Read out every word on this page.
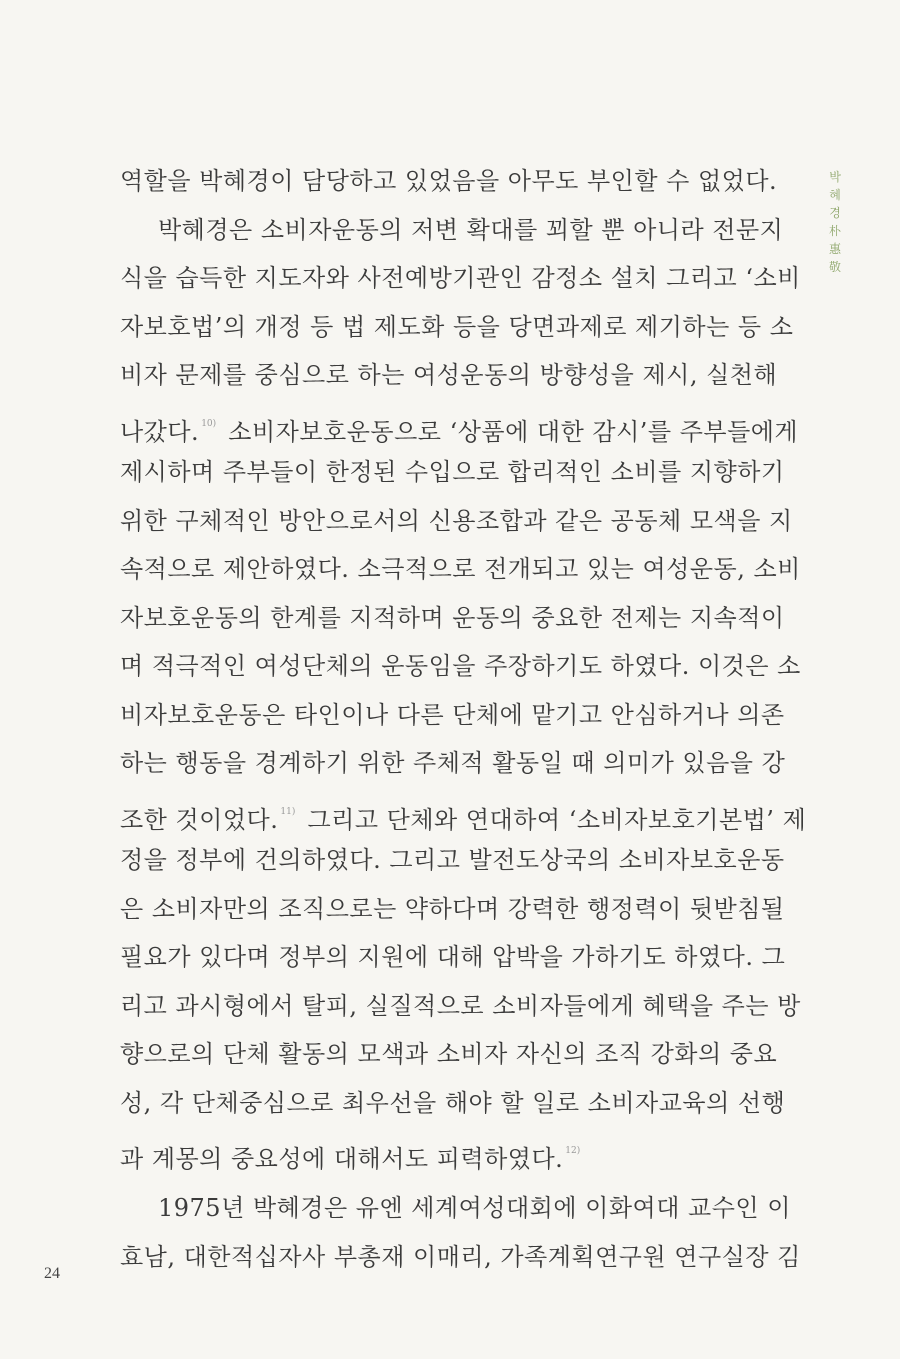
박
혜
경
朴
惠
敬
역할을 박혜경이 담당하고 있었음을 아무도 부인할 수 없었다.
박혜경은 소비자운동의 저변 확대를 꾀할 뿐 아니라 전문지
식을 습득한 지도자와 사전예방기관인 감정소 설치 그리고 ‘소비
자보호법’의 개정 등 법 제도화 등을 당면과제로 제기하는 등 소
비자 문제를 중심으로 하는 여성운동의 방향성을 제시, 실천해
나갔다. $^{10)}$ 소비자보호운동으로 ‘상품에 대한 감시’를 주부들에게
제시하며 주부들이 한정된 수입으로 합리적인 소비를 지향하기
위한 구체적인 방안으로서의 신용조합과 같은 공동체 모색을 지
속적으로 제안하였다. 소극적으로 전개되고 있는 여성운동, 소비
자보호운동의 한계를 지적하며 운동의 중요한 전제는 지속적이
며 적극적인 여성단체의 운동임을 주장하기도 하였다. 이것은 소
비자보호운동은 타인이나 다른 단체에 맡기고 안심하거나 의존
하는 행동을 경계하기 위한 주체적 활동일 때 의미가 있음을 강
조한 것이었다. $^{11)}$ 그리고 단체와 연대하여 ‘소비자보호기본법’ 제
정을 정부에 건의하였다. 그리고 발전도상국의 소비자보호운동
은 소비자만의 조직으로는 약하다며 강력한 행정력이 뒷받침될
필요가 있다며 정부의 지원에 대해 압박을 가하기도 하였다. 그
리고 과시형에서 탈피, 실질적으로 소비자들에게 혜택을 주는 방
향으로의 단체 활동의 모색과 소비자 자신의 조직 강화의 중요
성, 각 단체중심으로 최우선을 해야 할 일로 소비자교육의 선행
과 계몽의 중요성에 대해서도 피력하였다. $^{12)}$
1975년 박혜경은 유엔 세계여성대회에 이화여대 교수인 이
효남, 대한적십자사 부총재 이매리, 가족계획연구원 연구실장 김
24
